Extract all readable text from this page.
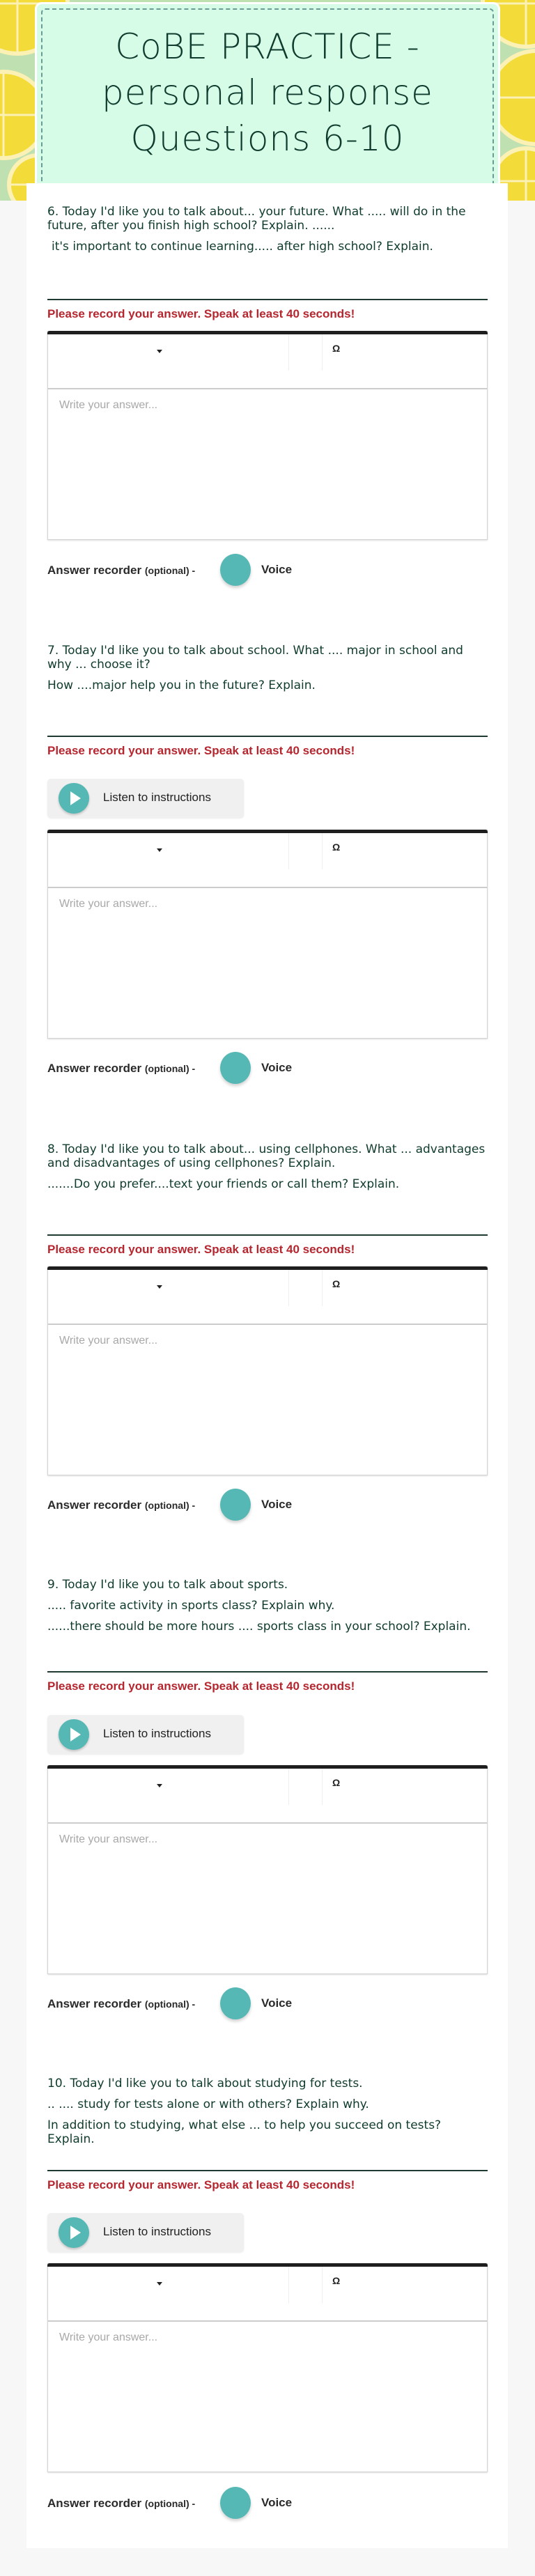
CoBE PRACTICE -
personal response
Questions 6-10

6. Today I'd like you to talk about... your future. What ..... will do in the future, after you finish high school? Explain. ......

it's important to continue learning..... after high school? Explain.

Please record your answer. Speak at least 40 seconds!
Ω
Write your answer...
Answer recorder (optional) -	Voice

7. Today I'd like you to talk about school. What .... major in school and why ... choose it?

How ....major help you in the future? Explain.

Please record your answer. Speak at least 40 seconds!
Listen to instructions
Ω
Write your answer...
Answer recorder (optional) -	Voice

8. Today I'd like you to talk about... using cellphones. What ... advantages and disadvantages of using cellphones? Explain.

.......Do you prefer....text your friends or call them? Explain.

Please record your answer. Speak at least 40 seconds!
Ω
Write your answer...
Answer recorder (optional) -	Voice

9. Today I'd like you to talk about sports.

..... favorite activity in sports class? Explain why.

......there should be more hours .... sports class in your school? Explain.

Please record your answer. Speak at least 40 seconds!
Listen to instructions
Ω
Write your answer...
Answer recorder (optional) -	Voice

10. Today I'd like you to talk about studying for tests.

.. .... study for tests alone or with others? Explain why.

In addition to studying, what else ... to help you succeed on tests? Explain.

Please record your answer. Speak at least 40 seconds!
Listen to instructions
Ω
Write your answer...
Answer recorder (optional) -	Voice
